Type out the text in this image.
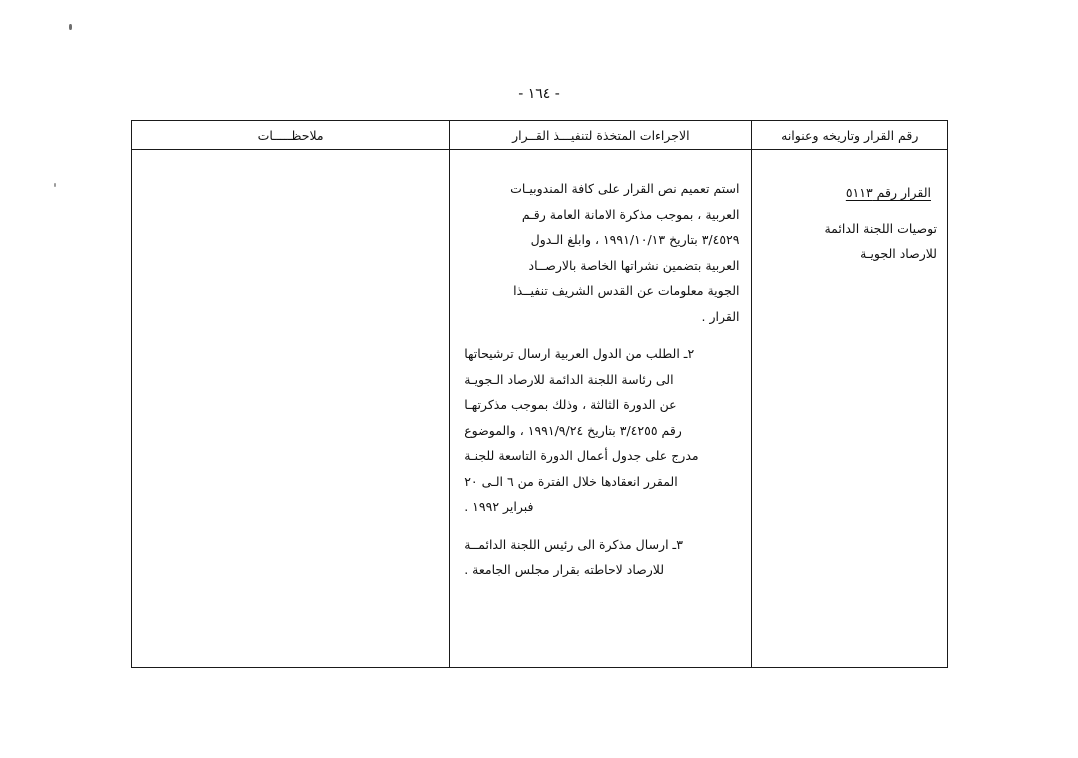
- ١٦٤ -
رقم القرار وتاريخه وعنوانه
القرار رقم ٥١١٣
توصيات اللجنة الدائمة
للارصاد الجويـة
الاجراءات المتخذة لتنفيـــذ القــرار

استم تعميم نص القرار على كافة المندوبيـات
العربية ، بموجب مذكرة الامانة العامة رقـم
٣/٤٥٢٩ بتاريخ ١٩٩١/١٠/١٣ ، وابلغ الـدول
العربية بتضمين نشراتها الخاصة بالارصــاد
الجوية معلومات عن القدس الشريف تنفيــذا
القرار .

٢ـ الطلب من الدول العربية ارسال ترشيحاتها
الى رئاسة اللجنة الدائمة للارصاد الـجويـة
عن الدورة الثالثة ، وذلك بموجب مذكرتهـا
رقم ٣/٤٢٥٥ بتاريخ ١٩٩١/٩/٢٤ ، والموضوع
مدرج على جدول أعمال الدورة التاسعة للجنـة
المقرر انعقادها خلال الفترة من ٦ الـى ٢٠
فبراير ١٩٩٢ .

٣ـ ارسال مذكرة الى رئيس اللجنة الدائمــة
للارصاد لاحاطته بقرار مجلس الجامعة .

ملاحظـــــات
